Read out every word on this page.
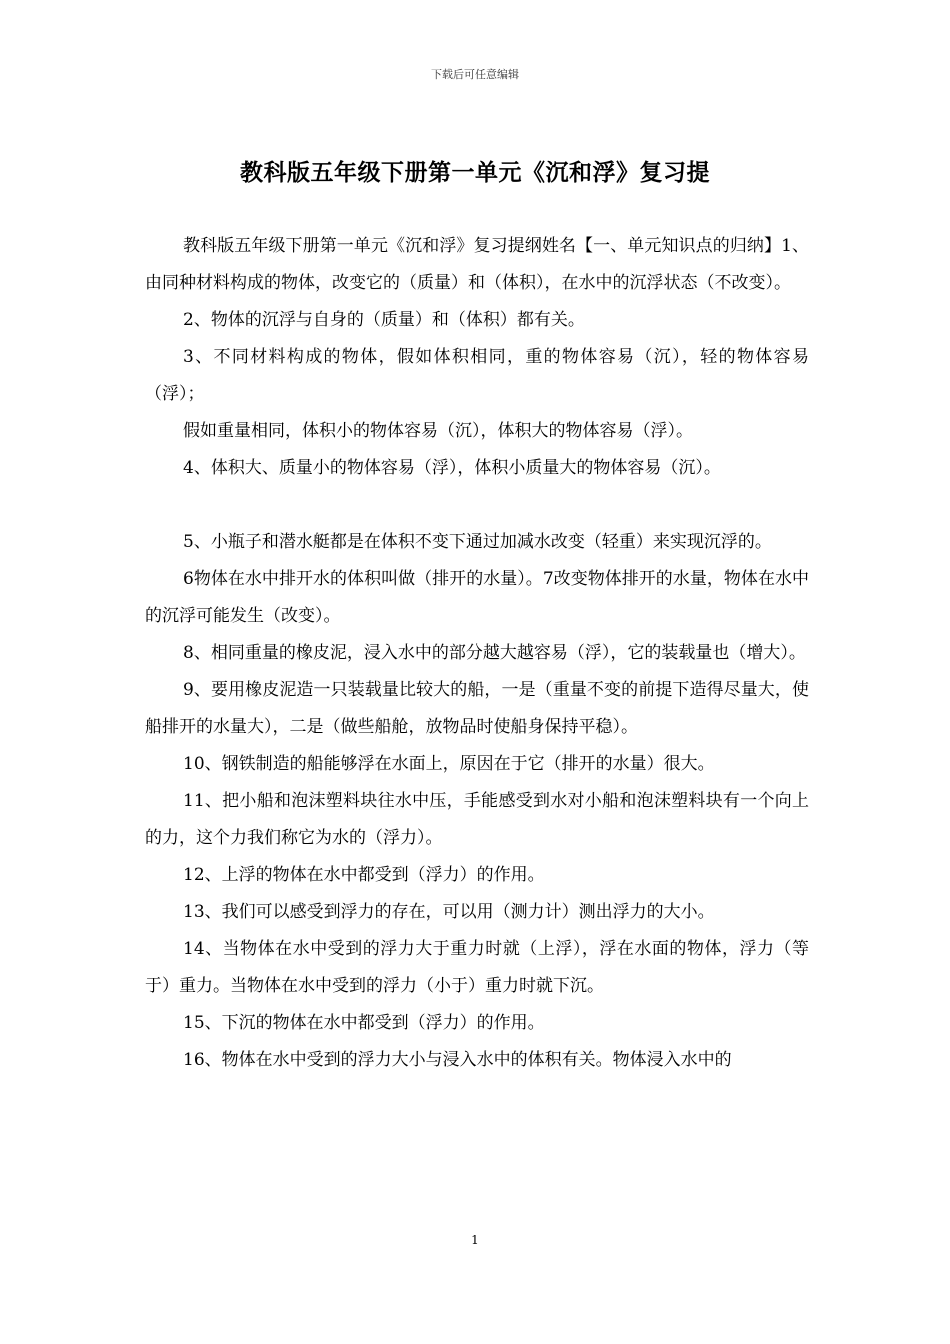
下载后可任意编辑
教科版五年级下册第一单元《沉和浮》复习提

教科版五年级下册第一单元《沉和浮》复习提纲姓名【一、单元知识点的归纳】1、由同种材料构成的物体，改变它的（质量）和（体积），在水中的沉浮状态（不改变）。

2、物体的沉浮与自身的（质量）和（体积）都有关。

3、不同材料构成的物体，假如体积相同，重的物体容易（沉），轻的物体容易（浮）；

假如重量相同，体积小的物体容易（沉），体积大的物体容易（浮）。

4、体积大、质量小的物体容易（浮），体积小质量大的物体容易（沉）。

5、小瓶子和潜水艇都是在体积不变下通过加减水改变（轻重）来实现沉浮的。

6物体在水中排开水的体积叫做（排开的水量）。7改变物体排开的水量，物体在水中的沉浮可能发生（改变）。

8、相同重量的橡皮泥，浸入水中的部分越大越容易（浮），它的装载量也（增大）。

9、要用橡皮泥造一只装载量比较大的船，一是（重量不变的前提下造得尽量大，使船排开的水量大），二是（做些船舱，放物品时使船身保持平稳）。

10、钢铁制造的船能够浮在水面上，原因在于它（排开的水量）很大。

11、把小船和泡沫塑料块往水中压，手能感受到水对小船和泡沫塑料块有一个向上的力，这个力我们称它为水的（浮力）。

12、上浮的物体在水中都受到（浮力）的作用。

13、我们可以感受到浮力的存在，可以用（测力计）测出浮力的大小。

14、当物体在水中受到的浮力大于重力时就（上浮），浮在水面的物体，浮力（等于）重力。当物体在水中受到的浮力（小于）重力时就下沉。

15、下沉的物体在水中都受到（浮力）的作用。

16、物体在水中受到的浮力大小与浸入水中的体积有关。物体浸入水中的

1
